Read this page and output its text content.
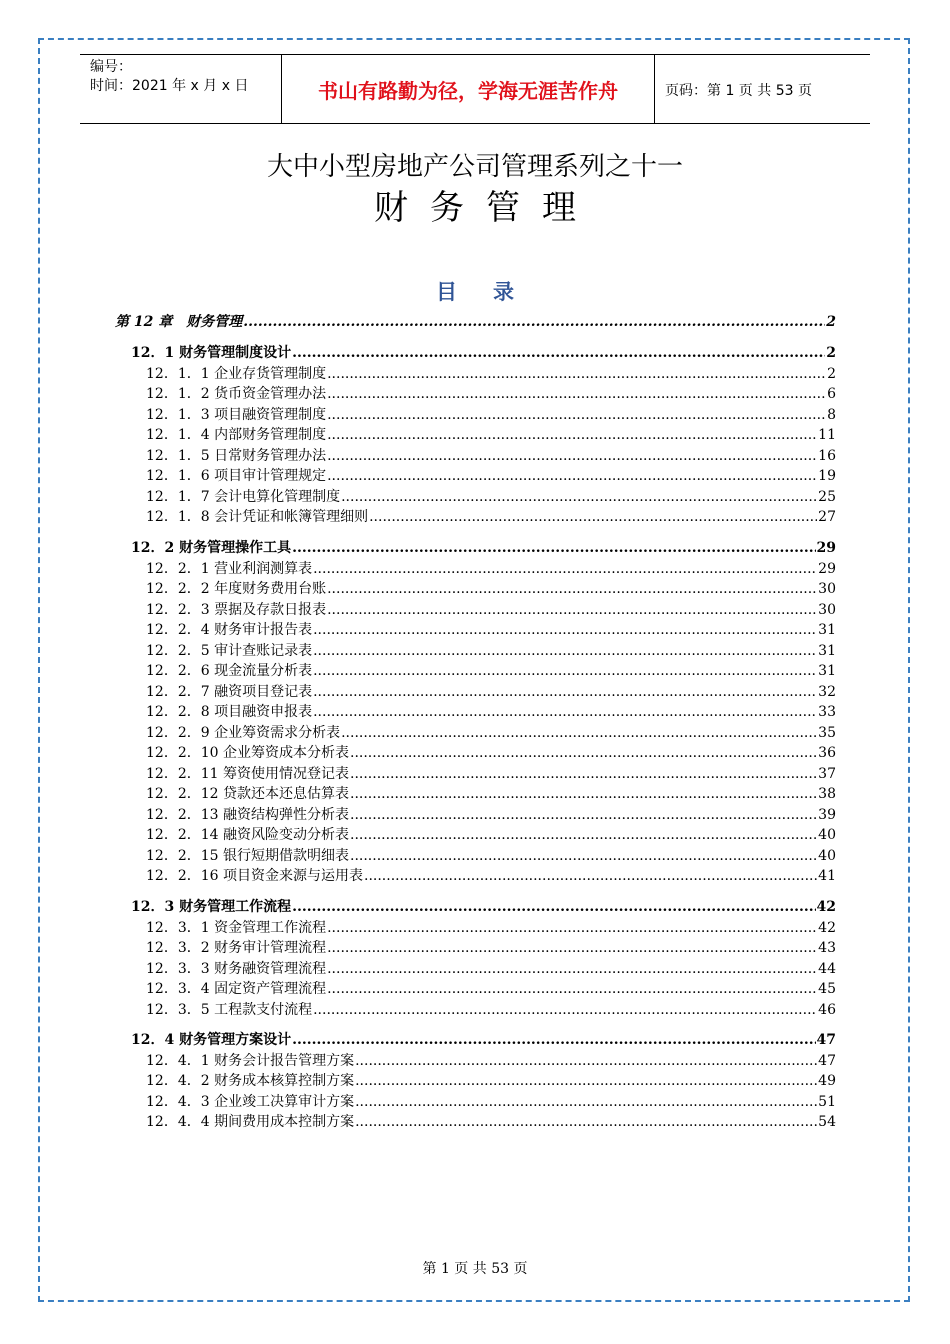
编号：
时间：2021 年 x 月 x 日	书山有路勤为径，学海无涯苦作舟	页码：第 1 页 共 53 页
大中小型房地产公司管理系列之十一
财务管理
目录
第 12 章　财务管理 .....	2
12．1 财务管理制度设计 .....	2
12．1．1 企业存货管理制度 .....	2
12．1．2 货币资金管理办法 .....	6
12．1．3 项目融资管理制度 .....	8
12．1．4 内部财务管理制度 .....	11
12．1．5 日常财务管理办法 .....	16
12．1．6 项目审计管理规定 .....	19
12．1．7 会计电算化管理制度 .....	25
12．1．8 会计凭证和帐簿管理细则 .....	27
12．2 财务管理操作工具 .....	29
12．2．1 营业利润测算表 .....	29
12．2．2 年度财务费用台账 .....	30
12．2．3 票据及存款日报表 .....	30
12．2．4 财务审计报告表 .....	31
12．2．5 审计查账记录表 .....	31
12．2．6 现金流量分析表 .....	31
12．2．7 融资项目登记表 .....	32
12．2．8 项目融资申报表 .....	33
12．2．9 企业筹资需求分析表 .....	35
12．2．10 企业筹资成本分析表 .....	36
12．2．11 筹资使用情况登记表 .....	37
12．2．12 贷款还本还息估算表 .....	38
12．2．13 融资结构弹性分析表 .....	39
12．2．14 融资风险变动分析表 .....	40
12．2．15 银行短期借款明细表 .....	40
12．2．16 项目资金来源与运用表 .....	41
12．3 财务管理工作流程 .....	42
12．3．1 资金管理工作流程 .....	42
12．3．2 财务审计管理流程 .....	43
12．3．3 财务融资管理流程 .....	44
12．3．4 固定资产管理流程 .....	45
12．3．5 工程款支付流程 .....	46
12．4 财务管理方案设计 .....	47
12．4．1 财务会计报告管理方案 .....	47
12．4．2 财务成本核算控制方案 .....	49
12．4．3 企业竣工决算审计方案 .....	51
12．4．4 期间费用成本控制方案 .....	54
第 1 页 共 53 页
